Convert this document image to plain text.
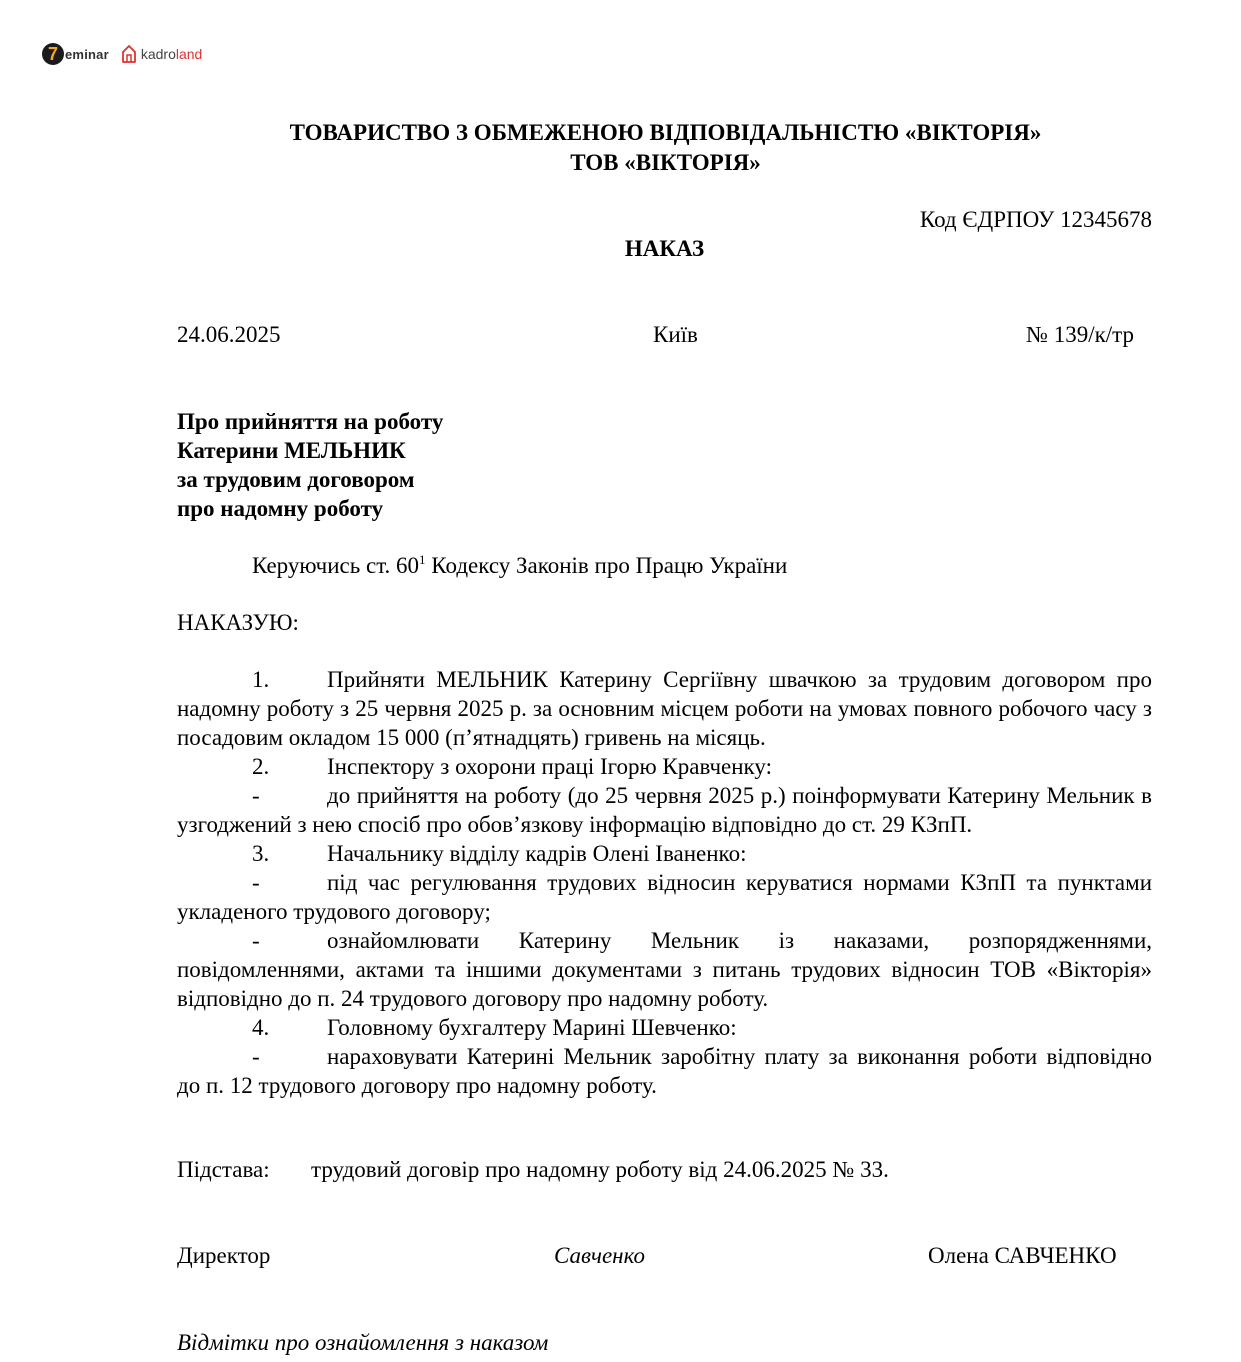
7 eminar kadro land
ТОВАРИСТВО З ОБМЕЖЕНОЮ ВІДПОВІДАЛЬНІСТЮ «ВІКТОРІЯ»
ТОВ «ВІКТОРІЯ»
Код ЄДРПОУ 12345678
НАКАЗ
24.06.2025	Київ	№ 139/к/тр
Про прийняття на роботу
Катерини МЕЛЬНИК
за трудовим договором
про надомну роботу
Керуючись ст. $60^1$ Кодексу Законів про Працю України
НАКАЗУЮ:

1.	Прийняти МЕЛЬНИК Катерину Сергіївну швачкою за трудовим договором про надомну роботу з 25 червня 2025 р. за основним місцем роботи на умовах повного робочого часу з посадовим окладом 15 000 (п’ятнадцять) гривень на місяць.

2.	Інспектору з охорони праці Ігорю Кравченку:

-	до прийняття на роботу (до 25 червня 2025 р.) поінформувати Катерину Мельник в узгоджений з нею спосіб про обов’язкову інформацію відповідно до ст. 29 КЗпП.

3.	Начальнику відділу кадрів Олені Іваненко:

-	під час регулювання трудових відносин керуватися нормами КЗпП та пунктами укладеного трудового договору;

-	ознайомлювати Катерину Мельник із наказами, розпорядженнями, повідомленнями, актами та іншими документами з питань трудових відносин ТОВ «Вікторія» відповідно до п. 24 трудового договору про надомну роботу.

4.	Головному бухгалтеру Марині Шевченко:

-	нараховувати Катерині Мельник заробітну плату за виконання роботи відповідно до п. 12 трудового договору про надомну роботу.

Підстава: трудовий договір про надомну роботу від 24.06.2025 № 33.
Директор	Савченко	Олена САВЧЕНКО
Відмітки про ознайомлення з наказом
